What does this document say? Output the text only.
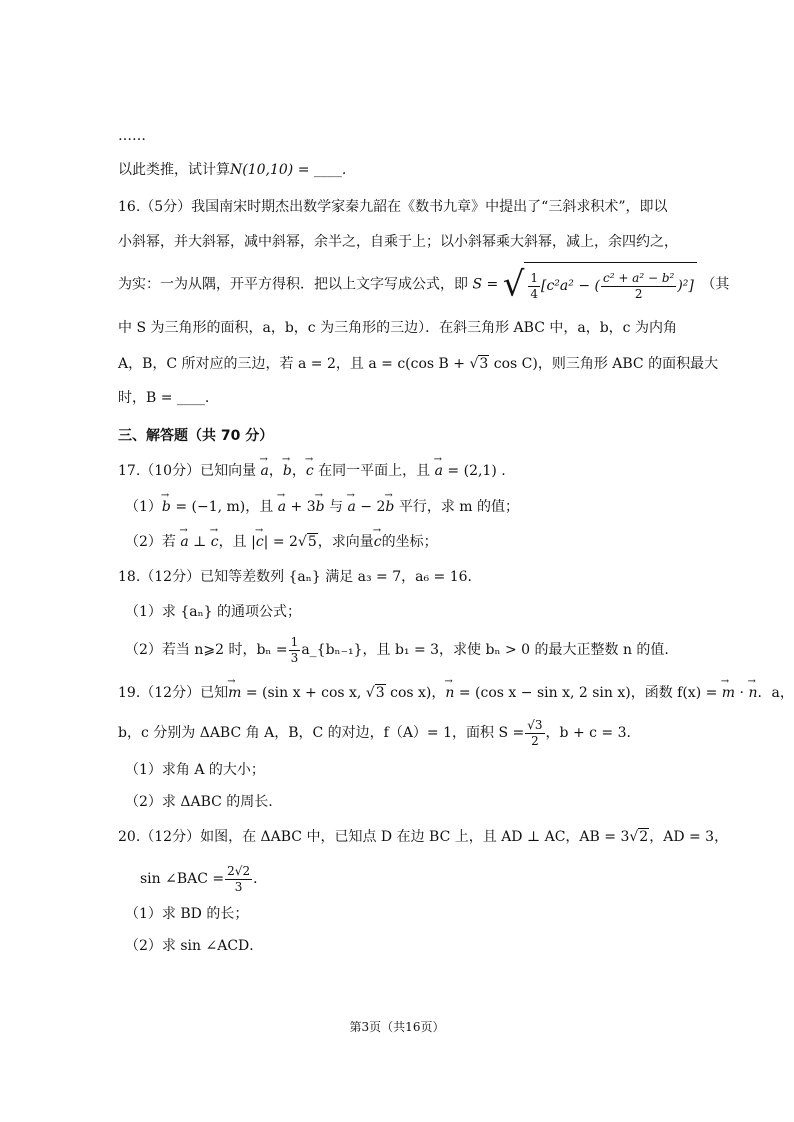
……
以此类推，试计算N(10,10) = ____.
16.（5分）我国南宋时期杰出数学家秦九韶在《数书九章》中提出了“三斜求积术”，即以
小斜幂，并大斜幂，减中斜幂，余半之，自乘于上；以小斜幂乘大斜幂，减上，余四约之，
为实：一为从隅，开平方得积．把以上文字写成公式，即 S = √ $\frac{1}{4} [c^2a^2$ − ( $\frac{\text{c² + a² − b²}}{2} )^2$] （其
中 S 为三角形的面积，a，b，c 为三角形的三边）．在斜三角形 ABC 中，a，b，c 为内角
A，B，C 所对应的三边，若 a = 2，且 a = c(cos B + √3 cos C)，则三角形 ABC 的面积最大
时，B = ____.
三、解答题（共 70 分）
17.（10分）已知向量 → a，→ b，→ c 在同一平面上，且 → a = (2,1) .
（1）→ b = (−1, m)，且 → a + 3→ b 与 → a − 2→ b 平行，求 m 的值；
（2）若 → a ⊥ → c，且 |→ c| = 2√5，求向量→ c的坐标；
18.（12分）已知等差数列 {aₙ} 满足 a₃ = 7，a₆ = 16．
（1）求 {aₙ} 的通项公式；
（2）若当 n⩾2 时，$b_n = \frac{1}{3}$ a_{bₙ₋₁}，且 b₁ = 3，求使 bₙ > 0 的最大正整数 n 的值.
19.（12分）已知→ m = (sin x + cos x, √3 cos x)，→ n = (cos x − sin x, 2 sin x)，函数 f(x) = → m · → n．a，
b，c 分别为 ΔABC 角 A，B，C 的对边，f（A）= 1，面积 $S = \frac{√3}{2}$ ，b + c = 3．
（1）求角 A 的大小；
（2）求 ΔABC 的周长.
20.（12分）如图，在 ΔABC 中，已知点 D 在边 BC 上，且 AD ⊥ AC，AB = 3√2，AD = 3，
sin ∠BAC = $\frac{2√2}{3}$ ．
（1）求 BD 的长；
（2）求 sin ∠ACD．
第3页（共16页）
